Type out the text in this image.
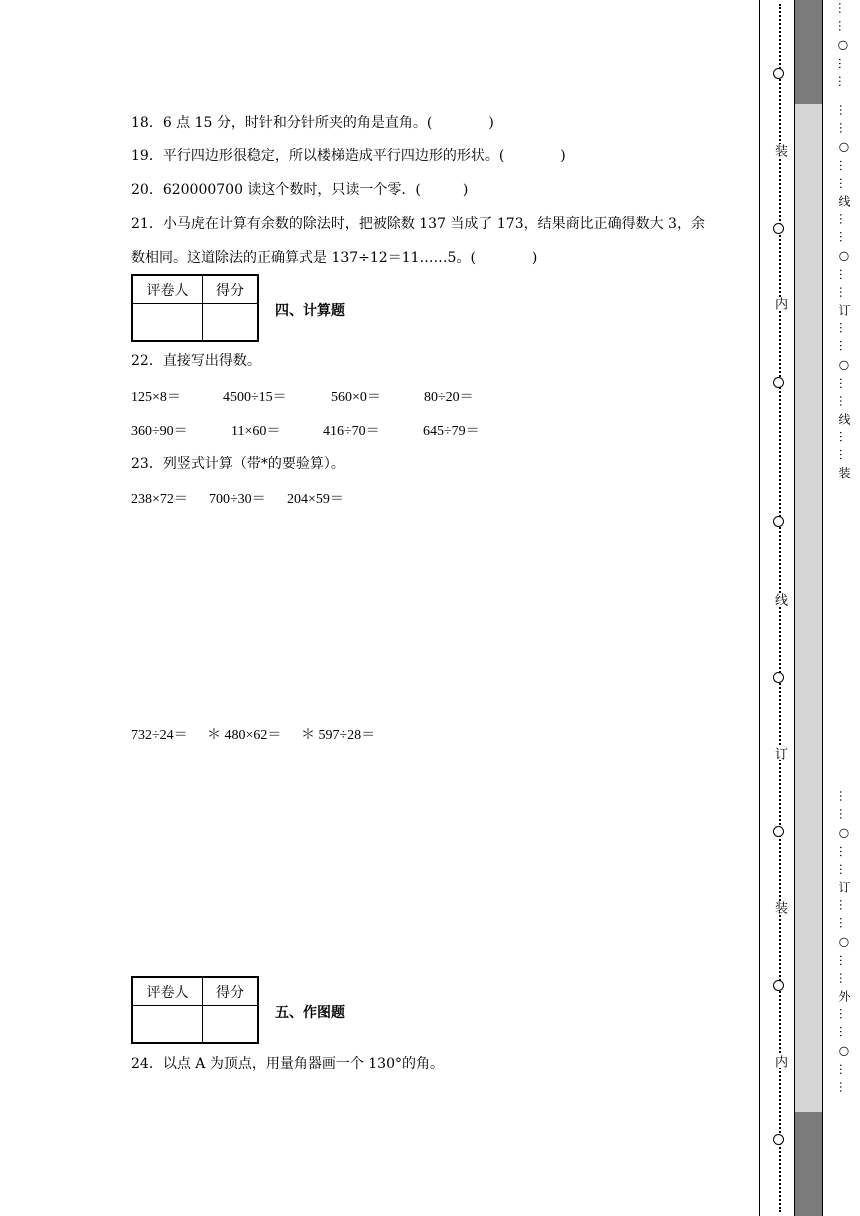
18．6 点 15 分，时针和分针所夹的角是直角。(　　　　)
19．平行四边形很稳定，所以楼梯造成平行四边形的形状。(　　　　)
20．620000700 读这个数时，只读一个零．(　　　)
21．小马虎在计算有余数的除法时，把被除数 137 当成了 173，结果商比正确得数大 3，余
数相同。这道除法的正确算式是 137÷12＝11……5。(　　　　)
评卷人	得分
四、计算题
22．直接写出得数。
125×8＝	4500÷15＝	560×0＝	80÷20＝
360÷90＝	11×60＝	416÷70＝	645÷79＝
23．列竖式计算（带*的要验算）。
238×72＝ 700÷30＝ 204×59＝
732÷24＝ ＊ 480×62＝ ＊ 597÷28＝
评卷人	得分
五、作图题
24．以点 A 为顶点，用量角器画一个 130°的角。
装
内
线
订
装
内
… … ○ … …
… … ○ … … 线 … … ○ … … 订 … … ○ … … 线 … … 装
… … ○ … … 订 … … ○ … … 外 … … ○ … …
